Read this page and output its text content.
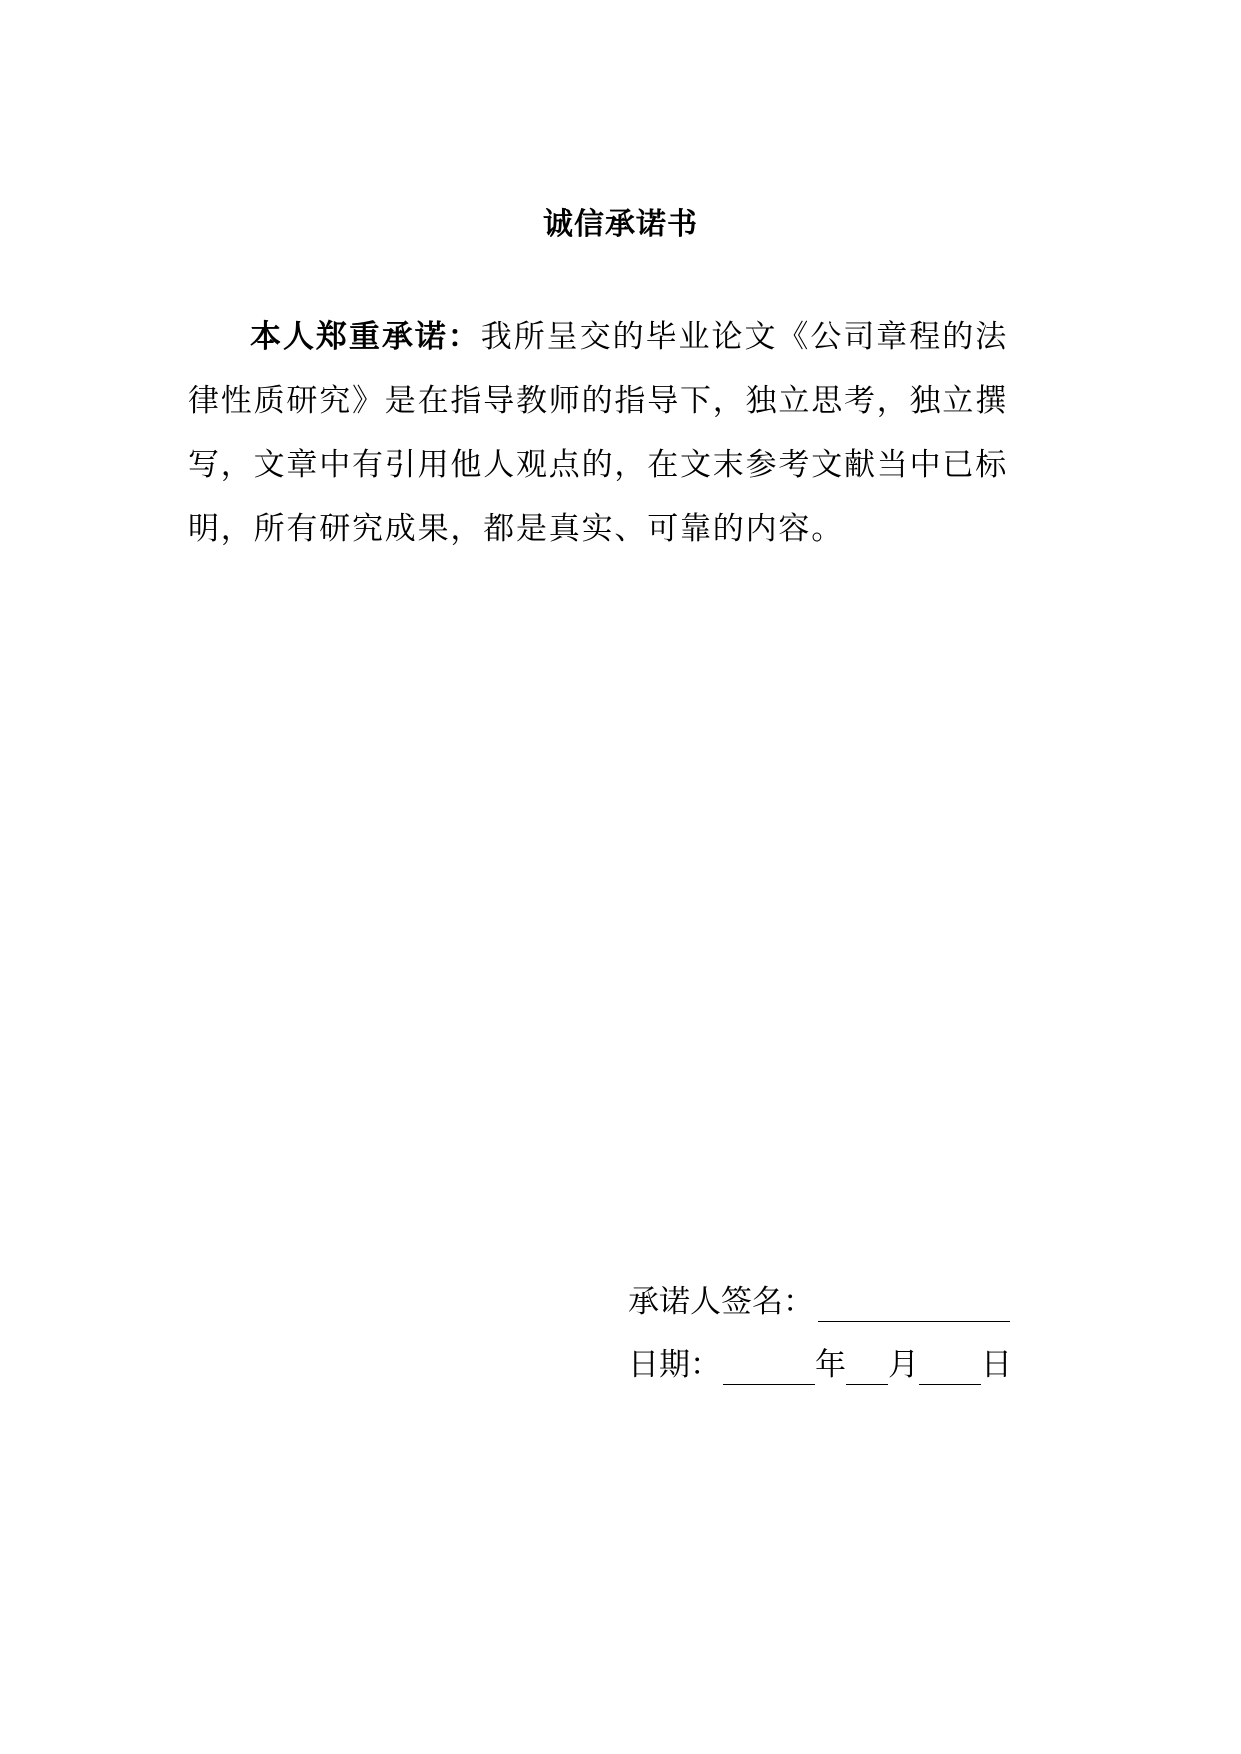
诚信承诺书

本人郑重承诺：我所呈交的毕业论文《公司章程的法律性质研究》是在指导教师的指导下，独立思考，独立撰写，文章中有引用他人观点的，在文末参考文献当中已标明，所有研究成果，都是真实、可靠的内容。

承诺人签名：
日期：	年 月 日
